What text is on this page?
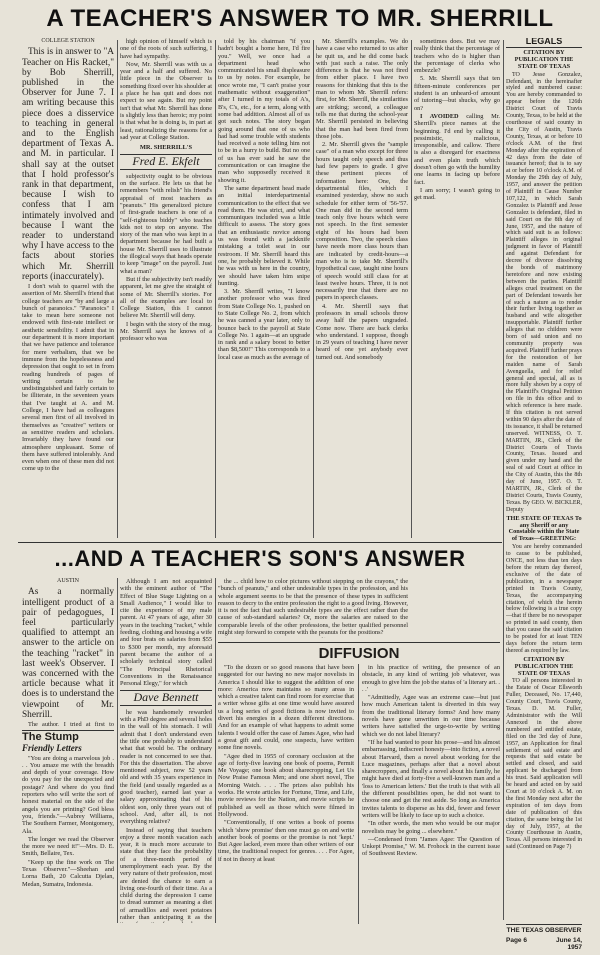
A TEACHER'S ANSWER TO MR. SHERRILL
COLLEGE STATION

This is in answer to "A Teacher on His Racket," by Bob Sherrill, published in the Observer for June 7. I am writing because this piece does a disservice to teaching in general and to the English department of Texas A. and M. in particular. I shall say at the outset that I hold professor's rank in that department, because I wish to confess that I am intimately involved and because I want the reader to understand why I have access to the facts about stories which Mr. Sherrill reports (inaccurately).

I don't wish to quarrel with the assertion of Mr. Sherrill's friend that college teachers are "by and large a bunch of paranoics." "Paranoics" I take to mean here someone not endowed with first-rate intellect or aesthetic sensibility. I admit that in our department it is more important that we have patience and tolerance for mere verbalism, that we be immune from the hopelessness and depression that ought to set in from reading hundreds of pages of writing certain to be undistinguished and fairly certain to be illiterate, in the seventeen years that I've taught at A. and M. College, I have had as colleagues several men first of all involved in themselves as "creative" writers or as sensitive readers and scholars. Invariably they have found our atmosphere unpleasant. Some of them have suffered intolerably. And even when one of these men did not come up to the

high opinion of himself which is one of the roots of such suffering, I have had sympathy.

Now, Mr. Sherrill was with us a year and a half and suffered. No little piece in the Observer is something fixed over his shoulder at a place he has quit and does not expect to see again. But my point isn't that what Mr. Sherrill has done is slightly less than heroic; my point is that what he is doing is, in part at least, rationalizing the reasons for a sad year at College Station.

MR. SHERRILL'S
Fred E. Ekfelt

subjectivity ought to be obvious on the surface. He lets us that he remembers "with relish" his friend's appraisal of most teachers as "peanuts." His generalized picture of first-grade teachers is one of a "self-righteous biddy" who teaches kids not to step on anyone. The story of the man who was kept in a department because he had built a house Mr. Sherrill uses to illustrate the illogical ways that heads operate to keep "image" on the payroll. Just what a man?

But if the subjectivity isn't readily apparent, let me give the straight of some of Mr. Sherrill's stories. For all of the examples are local to College Station, this I cannot believe Mr. Sherrill will deny.

I begin with the story of the mug. Mr. Sherrill says he knows of a professor who was

told by his chairman "if you hadn't bought a home here, I'd fire you." Well, we once had a department head who communicated his small displeasure to us by notes. For example, he once wrote me, "I can't praise your mathematic without exaggeration" after I turned in my totals of A's, B's, C's, etc., for a term, along with some bad addition. Almost all of us got such notes. The story began going around that one of us who had had some trouble with students had received a note telling him not to be in a hurry to build. But no one of us has ever said he saw the communication or can imagine the man who supposedly received it showing it.

The same department head made an initial interdepartmental communication to the effect that we read them. He was strict, and what communiques included was a little difficult to assess. The story goes that an enthusiastic novice among us was found with a jackknife mistaking a toilet seat in our restroom. If Mr. Sherrill heard this one, he probably believed it. While he was with us here in the country, we should have taken him snipe hunting.

3. Mr. Sherrill writes, "I know another professor who was fired from State College No. 1, pushed on to State College No. 2, from which he was canned a year later, only to bounce back to the payroll at State College No. 1 again—at an upgrade in rank and a salary boost to better than $8,500!" This corresponds to a local case as much as the average of

Mr. Sherrill's examples. We do have a case who returned to us after he quit us, and he did come back with just such a raise. The only difference is that he was not fired from either place. I have two reasons for thinking that this is the man to whom Mr. Sherrill refers: first, for Mr. Sherrill, the similarities are striking; second, a colleague tells me that during the school-year Mr. Sherrill persisted in believing that the man had been fired from those jobs.

2. Mr. Sherrill gives the "sample case" of a man who except for three hours taught only speech and thus had few papers to grade. I give these pertinent pieces of information here: One, the departmental files, which I examined yesterday, show no such schedule for either term of '56-'57. One man did in the second term teach only five hours which were not speech. In the first semester eight of his hours had been composition. Two, the speech class have needs more class hours than are indicated by credit-hours—a man who is to take Mr. Sherrill's hypothetical case, taught nine hours of speech would still class for at least twelve hours. Three, it is not necessarily true that there are no papers in speech classes.

4. Mr. Sherrill says that professors in small schools throw away half the papers ungraded. Come now. There are back clerks who understand. I suppose, though in 29 years of teaching I have never heard of one yet anybody ever turned out. And somebody

sometimes does. But we may really think that the percentage of teachers who do is higher than the percentage of clerks who embezzle?

5. Mr. Sherrill says that ten fifteen-minute conferences per student is an unheard-of amount of tutoring—but shucks, why go on?

I AVOIDED calling Mr. Sherrill's piece names at the beginning. I'd end by calling it pessimistic, malicious, irresponsible, and callow. There is also a disregard for exactness and even plain truth which doesn't often go with the humility one learns in facing up before fact.

I am sorry; I wasn't going to get mad.

LEGALS
CITATION BY PUBLICATION THE STATE OF TEXAS

TO Jesse Gonzalez, Defendant, in the hereinafter styled and numbered cause: You are hereby commanded to appear before the 126th District Court of Travis County, Texas, to be held at the courthouse of said county in the City of Austin, Travis County, Texas, at or before 10 o'clock A.M. of the first Monday after the expiration of 42 days from the date of issuance hereof; that is to say at or before 10 o'clock A.M. of Monday the 29th day of July, 1957, and answer the petition of Plaintiff in Cause Number 107,122, in which Sarah Gonzalez is Plaintiff and Jesse Gonzalez is defendant, filed in said Court on the 8th day of June, 1957, and the nature of which said suit is as follows: Plaintiff alleges in original judgment in favor of Plaintiff and against Defendant for decree of divorce dissolving the bonds of matrimony heretofore and now existing between the parties. Plaintiff alleges cruel treatment on the part of Defendant towards her of such a nature as to render their further living together as husband and wife altogether insupportable. Plaintiff further alleges that no children were born of said union and no community property was acquired. Plaintiff further prays for the restoration of her maiden name of Sarah Avenguella, and for relief general and special, all as is more fully shown by a copy of the Plaintiff's Original Petition on file in this office and to which reference is here made. If this citation is not served within 90 days after the date of its issuance, it shall be returned unserved. WITNESS, O. T. MARTIN, JR., Clerk of the District Courts of Travis County, Texas. Issued and given under my hand and the seal of said Court at office in the City of Austin, this the 8th day of June, 1957. O. T. MARTIN, JR., Clerk of the District Courts, Travis County, Texas. By GEO. W. BICKLER, Deputy

THE STATE OF TEXAS To any Sheriff or any Constable within the State of Texas—GREETING:

You are hereby commanded to cause to be published, ONCE, not less than ten days before the return day thereof, exclusive of the date of publication, in a newspaper printed in Travis County, Texas, the accompanying citation, of which the herein below following is a true copy—that if there be no newspaper so printed in said county, then that you cause the said citation to be posted for at least TEN days before the return term thereof as required by law.

CITATION BY PUBLICATION THE STATE OF TEXAS

TO all persons interested in the Estate of Oscar Ellsworth Fuller, Deceased, No. 17,440, County Court, Travis County, Texas. D. M. Fuller, Administrator with the Will Annexed in the above numbered and entitled estate, filed on the 3rd day of June, 1957, an Application for final settlement of said estate and requests that said estate be settled and closed, and said applicant be discharged from his trust. Said application will be heard and acted on by said Court at 10 o'clock A. M. on the first Monday next after the expiration of ten days from date of publication of this citation, the same being the 1st day of July, 1957, at the County Courthouse in Austin, Texas. All persons interested in said (Continued on Page 7)

...AND A TEACHER'S SON'S ANSWER
AUSTIN

As a normally intelligent product of a pair of pedagogues, I feel particularly qualified to attempt an answer to the article on the teaching "racket" in last week's Observer. I was concerned with the article because what it does is to understand the viewpoint of Mr. Sherrill.

The author, I tried at first to

Although I am not acquainted with the eminent author of "The Effect of Blue Stage Lighting on a Small Audience," I would like to cite the experience of my male parent. At 47 years of age, after 30 years in the teaching "racket," while feeding, clothing and housing a wife and four brats on salaries from $55 to $300 per month, my aforesaid parent became the author of a scholarly technical story called "The Principal Rhetorical Conventions in the Renaissance Personal Elegy," for which

Dave Bennett

he was handsomely rewarded with a PhD degree and several holes in the wall of his stomach. I will admit that I don't understand even the title one probably to understand what that would be. The ordinary reader is not concerned to see that. For this the dissertation. The above mentioned subject, now 52 years old and with 35 years experience in the field (and usually regarded as a good teacher), earned last year a salary approximating that of his oldest son, only three years out of school. And, after all, is not everything relative?

Instead of saying that teachers enjoy a three month vacation each year, it is much more accurate to state that they face the probability of a three-month period of unemployment each year. By the very nature of their profession, most are denied the chance to earn a living one-fourth of their time. As a child during the depression I came to dread summer as meaning a diet of armadillos and sweet potatoes rather than anticipating it as the

the ... child how to color pictures without stepping on the crayons," the "bunch of peanuts," and other undesirable types in the profession, and his whole argument seems to be that the presence of these types in sufficient reason to decry to the entire profession the right to a good living. However, it is not the fact that such undesirable types are the effect rather than the cause of sub-standard salaries? Or, more the salaries are raised to the comparable levels of the other professions, the better qualified personnel might step forward to compete with the peanuts for the positions?

DIFFUSION

"To the dozen or so good reasons that have been suggested for our having no new major novelists in America I should like to suggest the addition of one more: America now maintains so many areas in which a creative talent can find room for exercise that a writer whose gifts at one time would have assured us a long series of good fictions is now invited to divert his energies in a dozen different directions. And for an example of what happens to admit some talents I would offer the case of James Agee, who had a great gift and could, one suspects, have written some fine novels.

"Agee died in 1955 of coronary occlusion at the age of forty-five leaving one book of poems, Permit Me Voyage; one book about sharecropping, Let Us Now Praise Famous Men; and one short novel, The Morning Watch. . . . The prizes also publish his works. He wrote articles for Fortune, Time, and Life, movie reviews for the Nation, and movie scripts he published as well as those which were filmed in Hollywood.

"Conventionally, if one writes a book of poems which 'show promise' then one must go on and write another book of poems or the promise is not 'kept.' But Agee lacked, even more than other writers of our time, the traditional respect for genres. . . . For Agee, if not in theory at least

in his practice of writing, the presence of an obstacle, in any kind of writing job whatever, was enough to give him the job the status of 'a literary art. . . .'

"Admittedly, Agee was an extreme case—but just how much American talent is diverted in this way from the traditional literary forms? And how many novels have gone unwritten in our time because writers have satisfied the urge-to-write by writing which we do not label literary?

"If he had wanted to pour his prose—and his almost embarrassing, indiscreet honesty—into fiction, a novel about Harvard, then a novel about working for the Luce magazines, perhaps after that a novel about sharecroppers, and finally a novel about his family, he might have died at forty-five a well-known man and a 'loss to American letters.' But the truth is that with all the different possibilities open, he did not want to choose one and get the rest aside. So long as America invites talents to disperse as his did, fewer and fewer writers will be likely to face up to such a choice.

"In other words, the men who would be our major novelists may be going ... elsewhere."

—Condensed from "James Agee: The Question of Unkept Promise," W. M. Frohock in the current issue of Southwest Review.

The Stump
Friendly Letters

"You are doing a marvelous job . . . You amaze me with the breadth and depth of your coverage. How do you pay for the unexpected and postage? And where do you find reporters who will write the sort of honest material on the side of the angels you are printing? God bless you, friends."—Aubrey Williams, The Southern Farmer, Montgomery, Ala.

The longer we read the Observer the more we need it!"—Mrs. D. E. Smith, Bellaire, Tex.

"Keep up the fine work on The Texas Observer."—Sheehan and Lorna Bath, 20 Calcutta Djelan, Medan, Sumatra, Indonesia.

THE TEXAS OBSERVER
Page 6	June 14, 1957
